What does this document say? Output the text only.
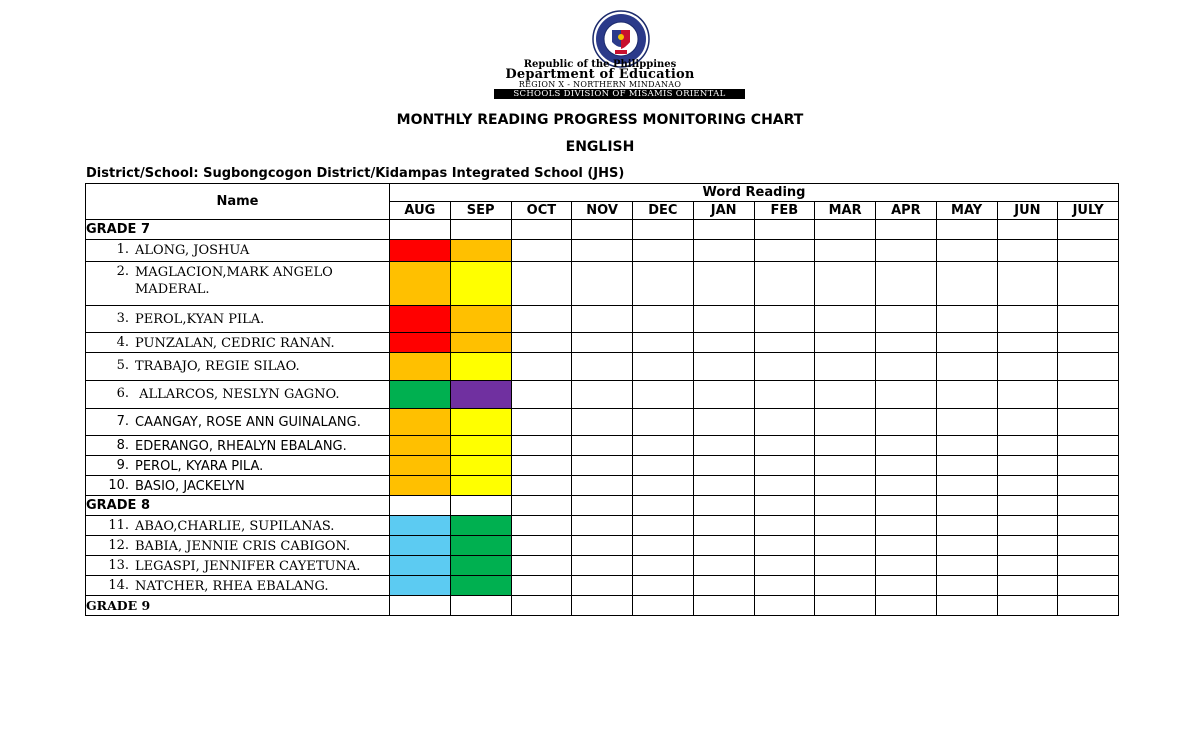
Republic of the Philippines
Department of Education
REGION X - NORTHERN MINDANAO
SCHOOLS DIVISION OF MISAMIS ORIENTAL
MONTHLY READING PROGRESS MONITORING CHART
ENGLISH
District/School: Sugbongcogon District/Kidampas Integrated School (JHS)
Name	Word Reading											
	AUG	SEP	OCT	NOV	DEC	JAN	FEB	MAR	APR	MAY	JUN	JULY
GRADE 7												

1. ALONG, JOSHUA												

2. MAGLACION,MARK ANGELO MADERAL.												

3. PEROL,KYAN PILA.												

4. PUNZALAN, CEDRIC RANAN.												

5. TRABAJO, REGIE SILAO.												

6. ALLARCOS, NESLYN GAGNO.												

7. CAANGAY, ROSE ANN GUINALANG.												

8. EDERANGO, RHEALYN EBALANG.												

9. PEROL, KYARA PILA.												

10. BASIO, JACKELYN												

GRADE 8												

11. ABAO,CHARLIE, SUPILANAS.												

12. BABIA, JENNIE CRIS CABIGON.												

13. LEGASPI, JENNIFER CAYETUNA.												

14. NATCHER, RHEA EBALANG.												

GRADE 9												
